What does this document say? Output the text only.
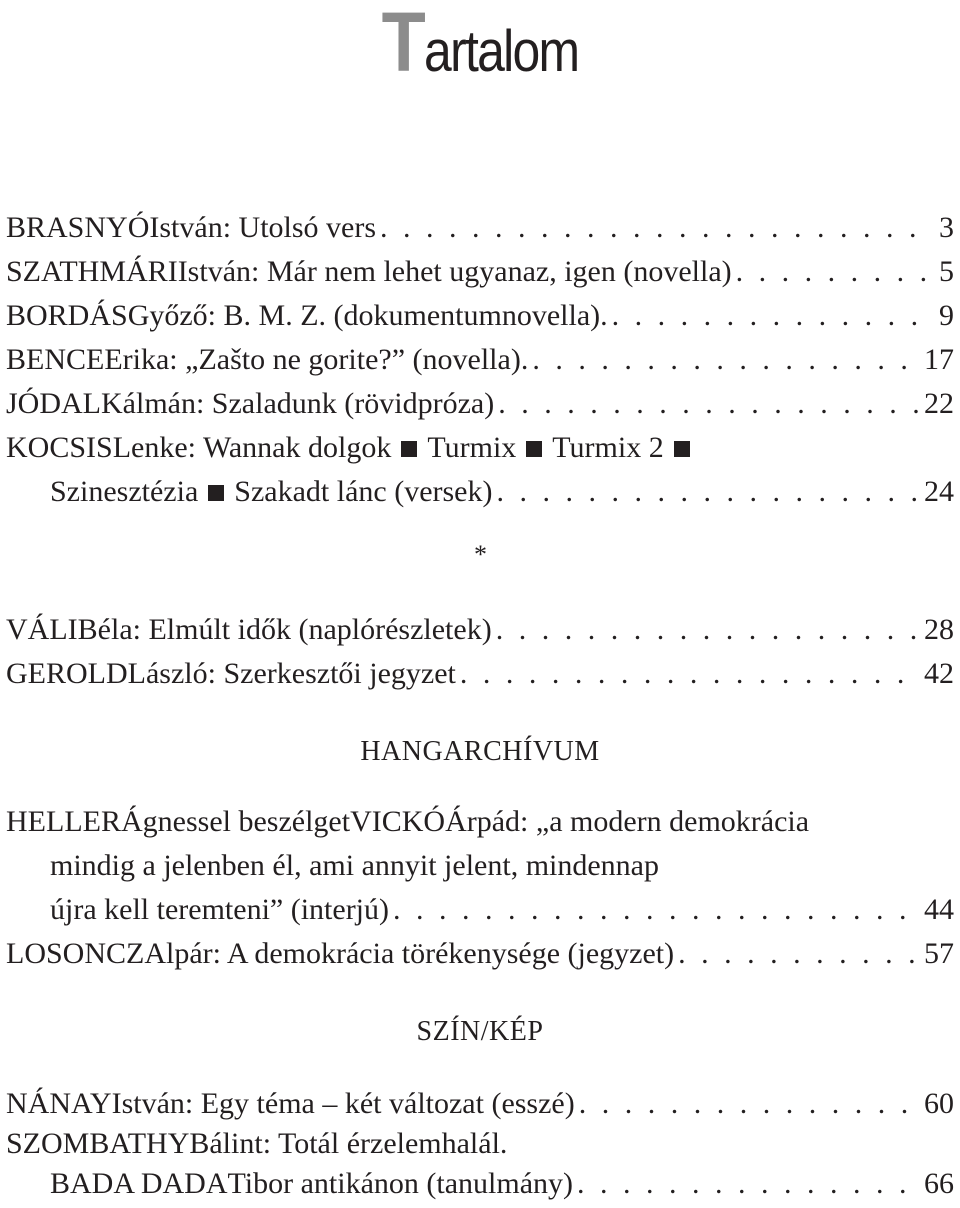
Tartalom
BRASNYÓ István: Utolsó vers . . .	3
SZATHMÁRI István: Már nem lehet ugyanaz, igen (novella) . . .	5
BORDÁS Győző: B. M. Z. (dokumentumnovella). . . .	9
BENCE Erika: „Zašto ne gorite?” (novella). . . .	17
JÓDAL Kálmán: Szaladunk (rövidpróza) . . .	22
KOCSIS Lenke: Wannak dolgok Turmix Turmix 2
Szinesztézia Szakadt lánc (versek) . . .	24
*
VÁLI Béla: Elmúlt idők (naplórészletek) . . .	28
GEROLD László: Szerkesztői jegyzet . . .	42
HANGARCHÍVUM
HELLER Ágnessel beszélget VICKÓ Árpád: „a modern demokrácia
mindig a jelenben él, ami annyit jelent, mindennap
újra kell teremteni” (interjú) . . .	44
LOSONCZ Alpár: A demokrácia törékenysége (jegyzet) . . .	57
SZÍN/KÉP
NÁNAY István: Egy téma – két változat (esszé) . . .	60
SZOMBATHY Bálint: Totál érzelemhalál.
BADA DADA Tibor antikánon (tanulmány) . . .	66
